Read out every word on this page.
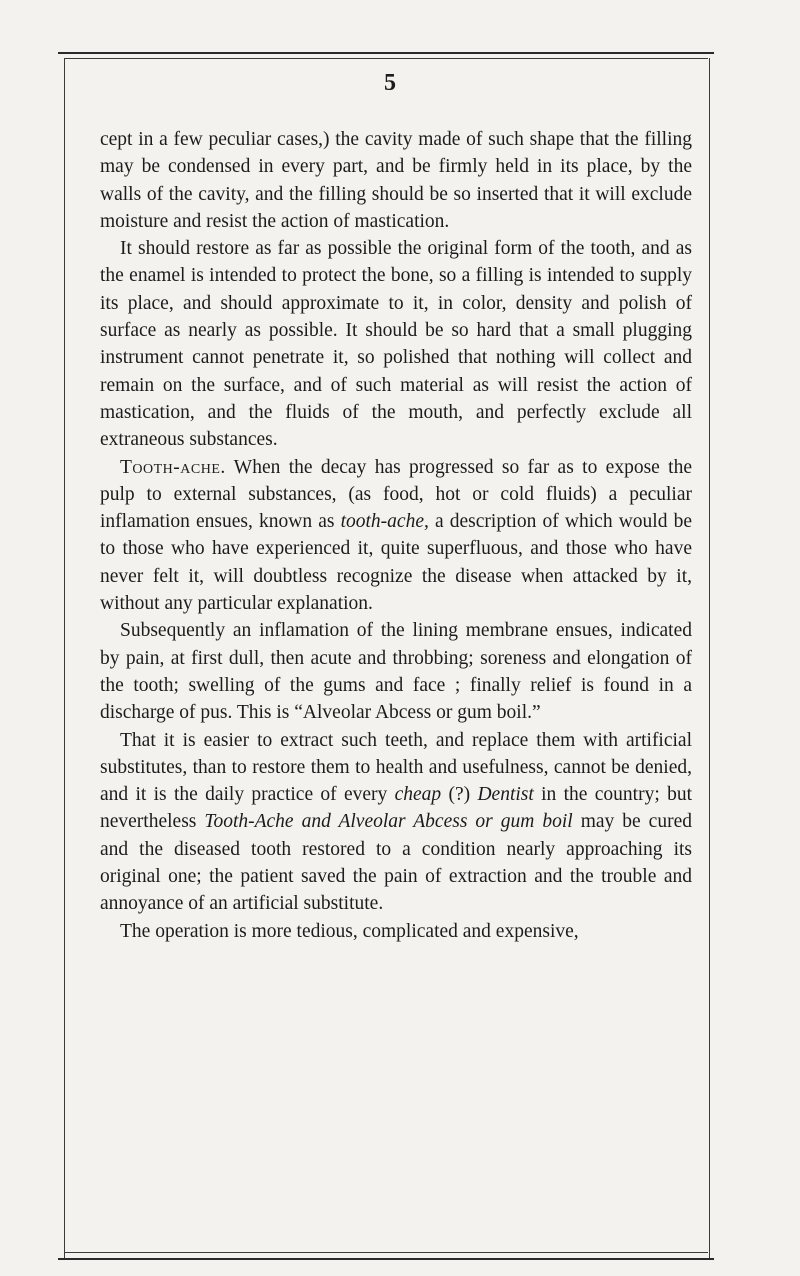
5

cept in a few peculiar cases,) the cavity made of such shape that the filling may be condensed in every part, and be firmly held in its place, by the walls of the cavity, and the filling should be so inserted that it will exclude moisture and resist the action of mastication.

It should restore as far as possible the original form of the tooth, and as the enamel is intended to protect the bone, so a filling is intended to supply its place, and should approximate to it, in color, density and polish of surface as nearly as possible. It should be so hard that a small plugging instrument cannot penetrate it, so polished that nothing will collect and remain on the surface, and of such material as will resist the action of mastication, and the fluids of the mouth, and perfectly exclude all extraneous substances.

Tooth-ache. When the decay has progressed so far as to expose the pulp to external substances, (as food, hot or cold fluids) a peculiar inflamation ensues, known as tooth-ache, a description of which would be to those who have experienced it, quite superfluous, and those who have never felt it, will doubtless recognize the disease when attacked by it, without any particular explanation.

Subsequently an inflamation of the lining membrane ensues, indicated by pain, at first dull, then acute and throbbing; soreness and elongation of the tooth; swelling of the gums and face ; finally relief is found in a discharge of pus. This is “Alveolar Abcess or gum boil.”

That it is easier to extract such teeth, and replace them with artificial substitutes, than to restore them to health and usefulness, cannot be denied, and it is the daily practice of every cheap (?) Dentist in the country; but nevertheless Tooth-Ache and Alveolar Abcess or gum boil may be cured and the diseased tooth restored to a condition nearly approaching its original one; the patient saved the pain of extraction and the trouble and annoyance of an artificial substitute.

The operation is more tedious, complicated and expensive,
